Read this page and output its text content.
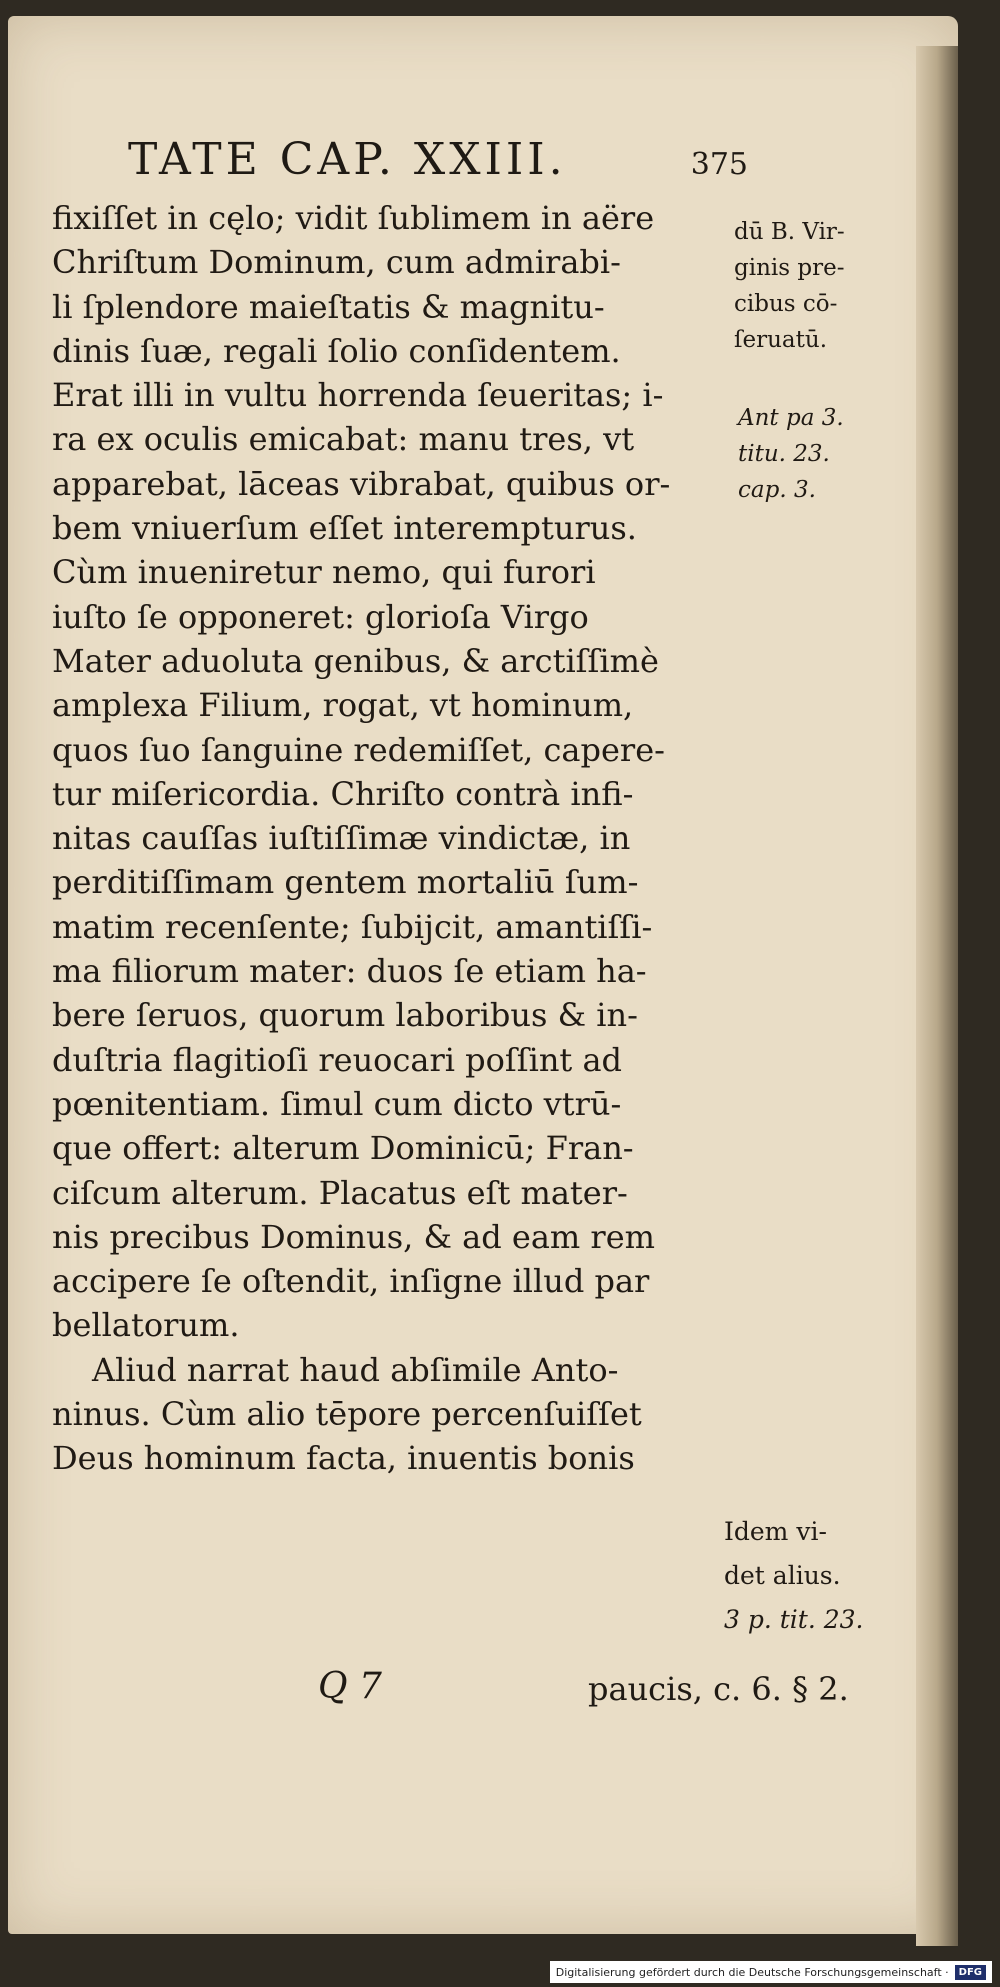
TATE CAP. XXIII.	375
fixiſſet in cęlo; vidit ſublimem in aëre
Chriſtum Dominum, cum admirabi-
li ſplendore maieſtatis & magnitu-
dinis ſuæ, regali ſolio conſidentem.
Erat illi in vultu horrenda ſeueritas; i-
ra ex oculis emicabat: manu tres, vt
apparebat, lāceas vibrabat, quibus or-
bem vniuerſum eſſet interempturus.
Cùm inueniretur nemo, qui furori
iuſto ſe opponeret: glorioſa Virgo
Mater aduoluta genibus, & arctiſſimè
amplexa Filium, rogat, vt hominum,
quos ſuo ſanguine redemiſſet, capere-
tur miſericordia. Chriſto contrà infi-
nitas cauſſas iuſtiſſimæ vindictæ, in
perditiſſimam gentem mortaliū ſum-
matim recenſente; ſubijcit, amantiſſi-
ma filiorum mater: duos ſe etiam ha-
bere ſeruos, quorum laboribus & in-
duſtria flagitioſi reuocari poſſint ad
pœnitentiam. ſimul cum dicto vtrū-
que offert: alterum Dominicū; Fran-
ciſcum alterum. Placatus eſt mater-
nis precibus Dominus, & ad eam rem
accipere ſe oſtendit, inſigne illud par
bellatorum.
Aliud narrat haud abſimile Anto-
ninus. Cùm alio tēpore percenſuiſſet
Deus hominum facta, inuentis bonis
dū B. Vir-
ginis pre-
cibus cō-
ſeruatū.
Ant pa 3.
titu. 23.
cap. 3.
Idem vi-
det alius.
3 p. tit. 23.
Q 7	paucis, c. 6. § 2.
Digitalisierung gefördert durch die Deutsche Forschungsgemeinschaft ·	DFG
